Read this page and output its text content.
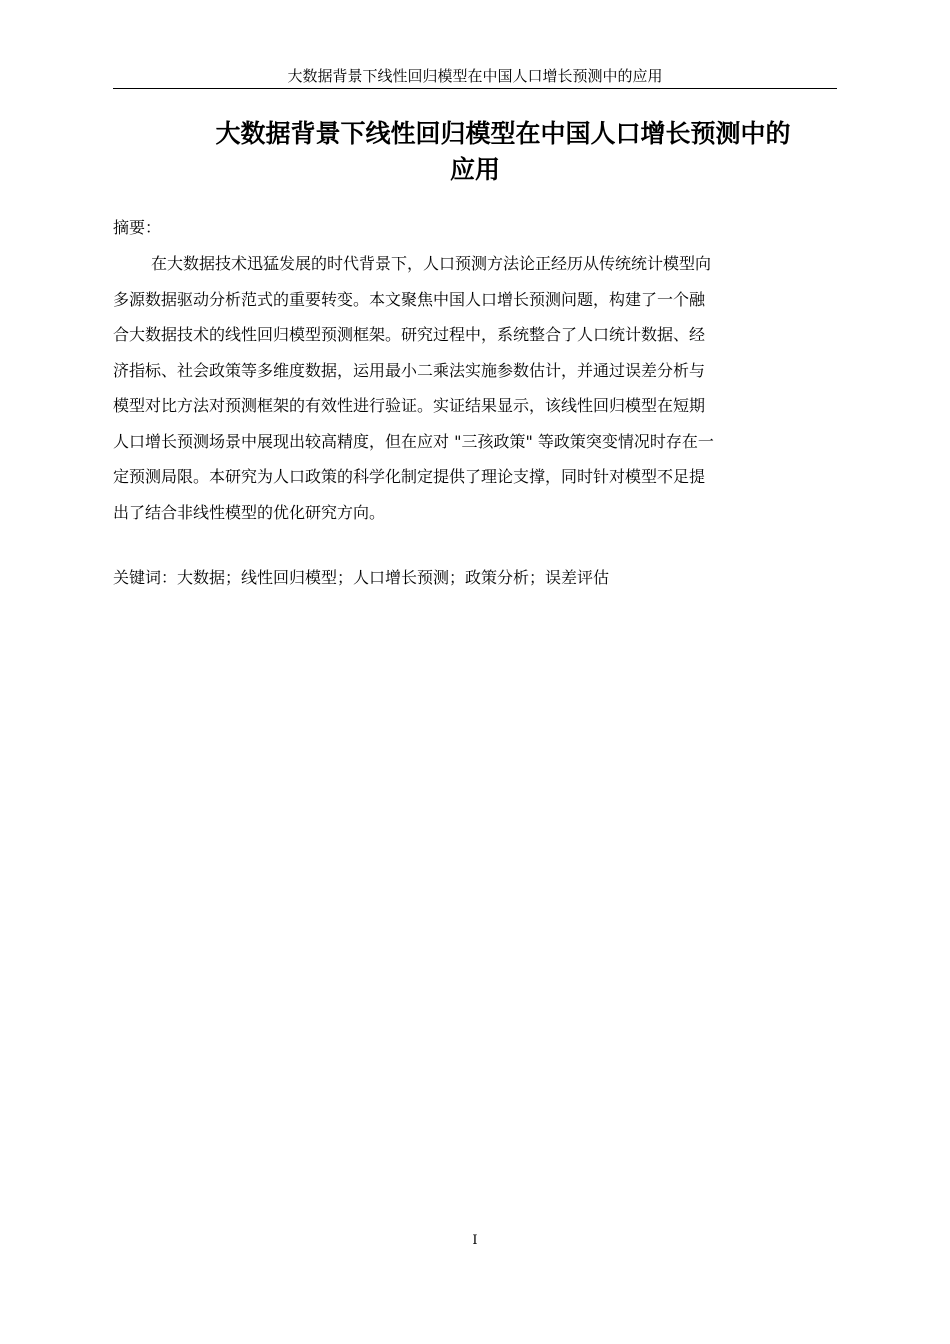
大数据背景下线性回归模型在中国人口增长预测中的应用
大数据背景下线性回归模型在中国人口增长预测中的
应用
摘要：

在大数据技术迅猛发展的时代背景下，人口预测方法论正经历从传统统计模型向
多源数据驱动分析范式的重要转变。本文聚焦中国人口增长预测问题，构建了一个融
合大数据技术的线性回归模型预测框架。研究过程中，系统整合了人口统计数据、经
济指标、社会政策等多维度数据，运用最小二乘法实施参数估计，并通过误差分析与
模型对比方法对预测框架的有效性进行验证。实证结果显示，该线性回归模型在短期
人口增长预测场景中展现出较高精度，但在应对 "三孩政策" 等政策突变情况时存在一
定预测局限。本研究为人口政策的科学化制定提供了理论支撑，同时针对模型不足提
出了结合非线性模型的优化研究方向。

关键词：大数据；线性回归模型；人口增长预测；政策分析；误差评估
I
